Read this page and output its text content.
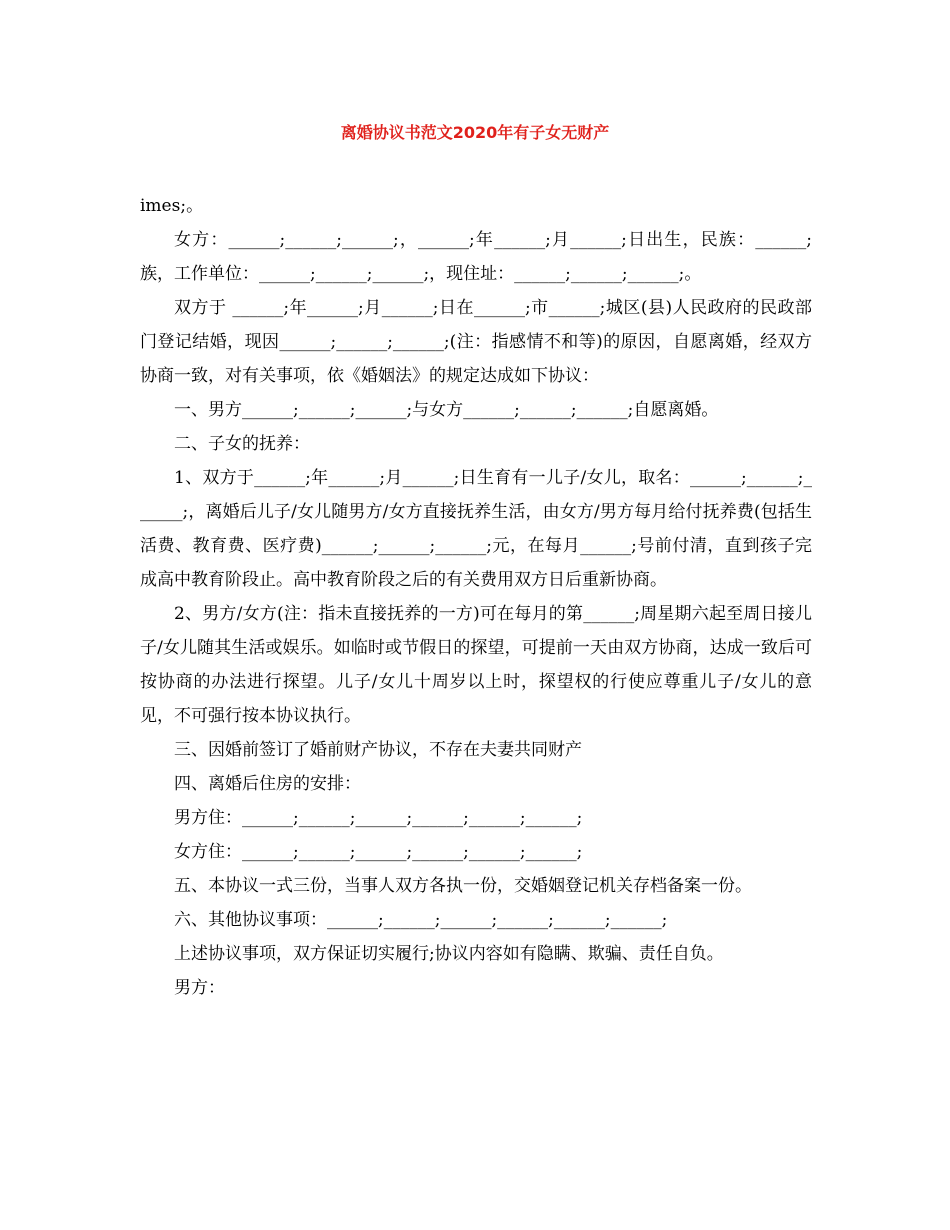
离婚协议书范文2020年有子女无财产

imes;。

女方：______;______;______;，______;年______;月______;日出生，民族：______;族，工作单位：______;______;______;，现住址：______;______;______;。

双方于 ______;年______;月______;日在______;市______;城区(县)人民政府的民政部门登记结婚，现因______;______;______;(注：指感情不和等)的原因，自愿离婚，经双方协商一致，对有关事项，依《婚姻法》的规定达成如下协议：

一、男方______;______;______;与女方______;______;______;自愿离婚。

二、子女的抚养：

1、双方于______;年______;月______;日生育有一儿子/女儿，取名：______;______;______;，离婚后儿子/女儿随男方/女方直接抚养生活，由女方/男方每月给付抚养费(包括生活费、教育费、医疗费)______;______;______;元，在每月______;号前付清，直到孩子完成高中教育阶段止。高中教育阶段之后的有关费用双方日后重新协商。

2、男方/女方(注：指未直接抚养的一方)可在每月的第______;周星期六起至周日接儿子/女儿随其生活或娱乐。如临时或节假日的探望，可提前一天由双方协商，达成一致后可按协商的办法进行探望。儿子/女儿十周岁以上时，探望权的行使应尊重儿子/女儿的意见，不可强行按本协议执行。

三、因婚前签订了婚前财产协议，不存在夫妻共同财产

四、离婚后住房的安排：

男方住：______;______;______;______;______;______;

女方住：______;______;______;______;______;______;

五、本协议一式三份，当事人双方各执一份，交婚姻登记机关存档备案一份。

六、其他协议事项：______;______;______;______;______;______;

上述协议事项，双方保证切实履行;协议内容如有隐瞒、欺骗、责任自负。

男方：
